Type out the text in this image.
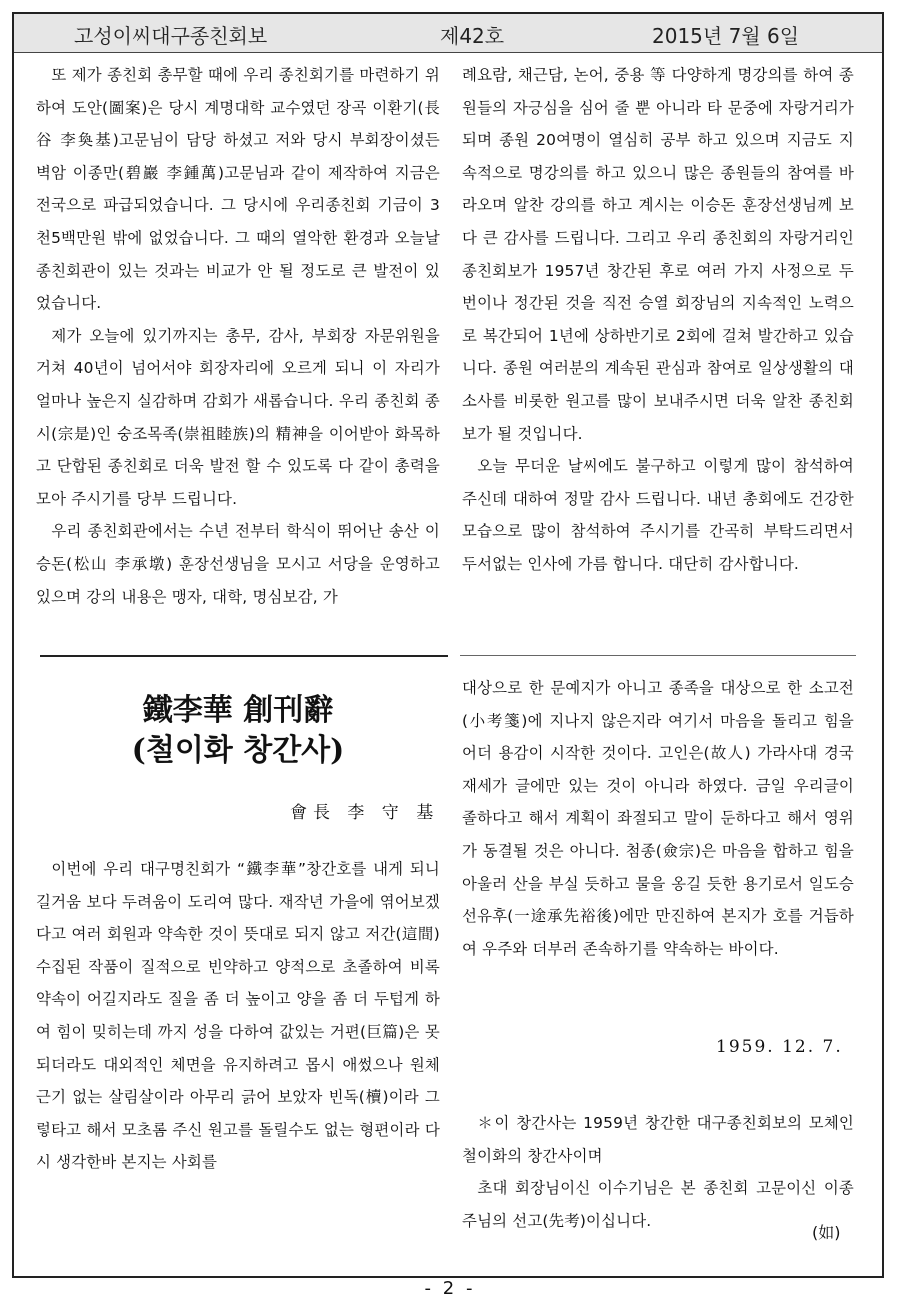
고성이씨대구종친회보	제42호	2015년 7월 6일

또 제가 종친회 총무할 때에 우리 종친회기를 마련하기 위하여 도안(圖案)은 당시 계명대학 교수였던 장곡 이환기(長谷 李奐基)고문님이 담당 하셨고 저와 당시 부회장이셨든 벽암 이종만(碧巖 李鍾萬)고문님과 같이 제작하여 지금은 전국으로 파급되었습니다. 그 당시에 우리종친회 기금이 3천5백만원 밖에 없었습니다. 그 때의 열악한 환경과 오늘날 종친회관이 있는 것과는 비교가 안 될 정도로 큰 발전이 있었습니다.

제가 오늘에 있기까지는 총무, 감사, 부회장 자문위원을 거쳐 40년이 넘어서야 회장자리에 오르게 되니 이 자리가 얼마나 높은지 실감하며 감회가 새롭습니다. 우리 종친회 종시(宗是)인 숭조목족(崇祖睦族)의 精神을 이어받아 화목하고 단합된 종친회로 더욱 발전 할 수 있도록 다 같이 총력을 모아 주시기를 당부 드립니다.

우리 종친회관에서는 수년 전부터 학식이 뛰어난 송산 이승돈(松山 李承墩) 훈장선생님을 모시고 서당을 운영하고 있으며 강의 내용은 맹자, 대학, 명심보감, 가

례요람, 채근담, 논어, 중용 等 다양하게 명강의를 하여 종원들의 자긍심을 심어 줄 뿐 아니라 타 문중에 자랑거리가 되며 종원 20여명이 열심히 공부 하고 있으며 지금도 지속적으로 명강의를 하고 있으니 많은 종원들의 참여를 바라오며 알찬 강의를 하고 계시는 이승돈 훈장선생님께 보다 큰 감사를 드립니다. 그리고 우리 종친회의 자랑거리인 종친회보가 1957년 창간된 후로 여러 가지 사정으로 두 번이나 정간된 것을 직전 승열 회장님의 지속적인 노력으로 복간되어 1년에 상하반기로 2회에 걸쳐 발간하고 있습니다. 종원 여러분의 계속된 관심과 참여로 일상생활의 대소사를 비롯한 원고를 많이 보내주시면 더욱 알찬 종친회보가 될 것입니다.

오늘 무더운 날씨에도 불구하고 이렇게 많이 참석하여 주신데 대하여 정말 감사 드립니다. 내년 총회에도 건강한 모습으로 많이 참석하여 주시기를 간곡히 부탁드리면서 두서없는 인사에 가름 합니다. 대단히 감사합니다.

鐵李華 創刊辭
(철이화 창간사)
會長 李 守 基

이번에 우리 대구명친회가 “鐵李華”창간호를 내게 되니 길거움 보다 두려움이 도리여 많다. 재작년 가을에 엮어보겠다고 여러 회원과 약속한 것이 뜻대로 되지 않고 저간(這間) 수집된 작품이 질적으로 빈약하고 양적으로 초졸하여 비록 약속이 어길지라도 질을 좀 더 높이고 양을 좀 더 두텁게 하여 힘이 밎히는데 까지 성을 다하여 값있는 거편(巨篇)은 못 되더라도 대외적인 체면을 유지하려고 몹시 애썼으나 원체 근기 없는 살림살이라 아무리 긁어 보았자 빈독(櫝)이라 그렇타고 해서 모초롬 주신 원고를 돌릴수도 없는 형편이라 다시 생각한바 본지는 사회를

대상으로 한 문예지가 아니고 종족을 대상으로 한 소고전(小考箋)에 지나지 않은지라 여기서 마음을 돌리고 힘을 어더 용감이 시작한 것이다. 고인은(故人) 가라사대 경국재세가 글에만 있는 것이 아니라 하였다. 금일 우리글이 졸하다고 해서 계획이 좌절되고 말이 둔하다고 해서 영위가 동결될 것은 아니다. 첨종(僉宗)은 마음을 합하고 힘을 아울러 산을 부실 듯하고 물을 옹길 듯한 용기로서 일도승선유후(一途承先裕後)에만 만진하여 본지가 호를 거듭하여 우주와 더부러 존속하기를 약속하는 바이다.

1959. 12. 7.

＊이 창간사는 1959년 창간한 대구종친회보의 모체인 철이화의 창간사이며

초대 회장님이신 이수기님은 본 종친회 고문이신 이종주님의 선고(先考)이십니다.

(如)
- 2 -
